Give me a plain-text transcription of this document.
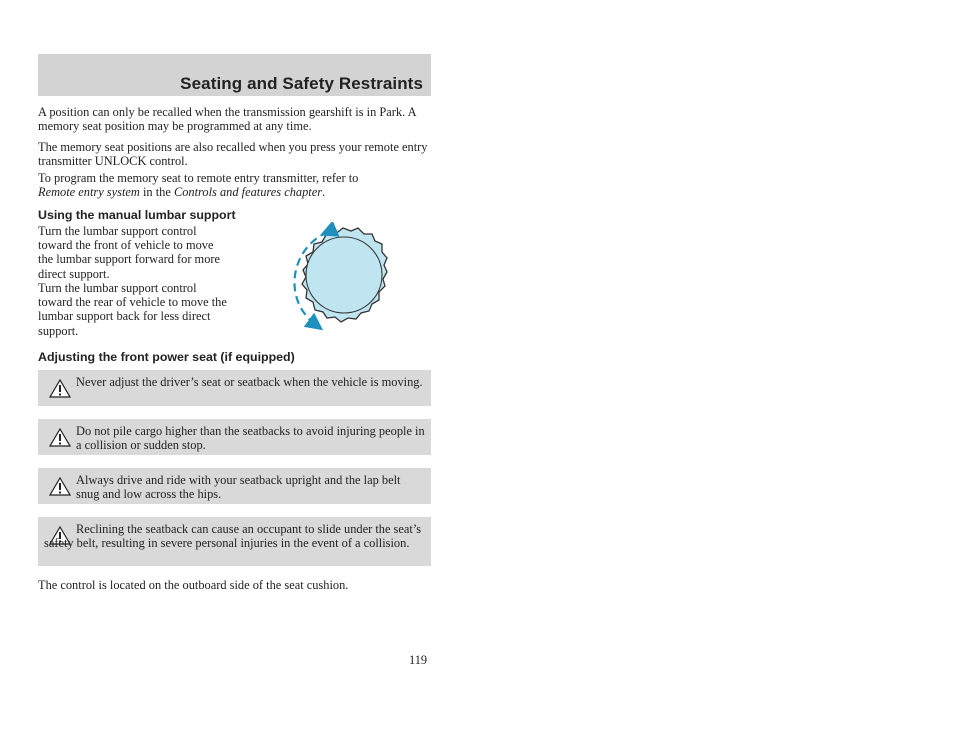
Seating and Safety Restraints

A position can only be recalled when the transmission gearshift is in Park. A memory seat position may be programmed at any time.

The memory seat positions are also recalled when you press your remote entry transmitter UNLOCK control.

To program the memory seat to remote entry transmitter, refer to
Remote entry system in the Controls and features chapter.

Using the manual lumbar support

Turn the lumbar support control toward the front of vehicle to move the lumbar support forward for more direct support.

Turn the lumbar support control toward the rear of vehicle to move the lumbar support back for less direct support.

Adjusting the front power seat (if equipped)
Never adjust the driver’s seat or seatback when the vehicle is moving.
Do not pile cargo higher than the seatbacks to avoid injuring people in a collision or sudden stop.
Always drive and ride with your seatback upright and the lap belt snug and low across the hips.
Reclining the seatback can cause an occupant to slide under the seat’s safety belt, resulting in severe personal injuries in the event of a collision.

The control is located on the outboard side of the seat cushion.

119
